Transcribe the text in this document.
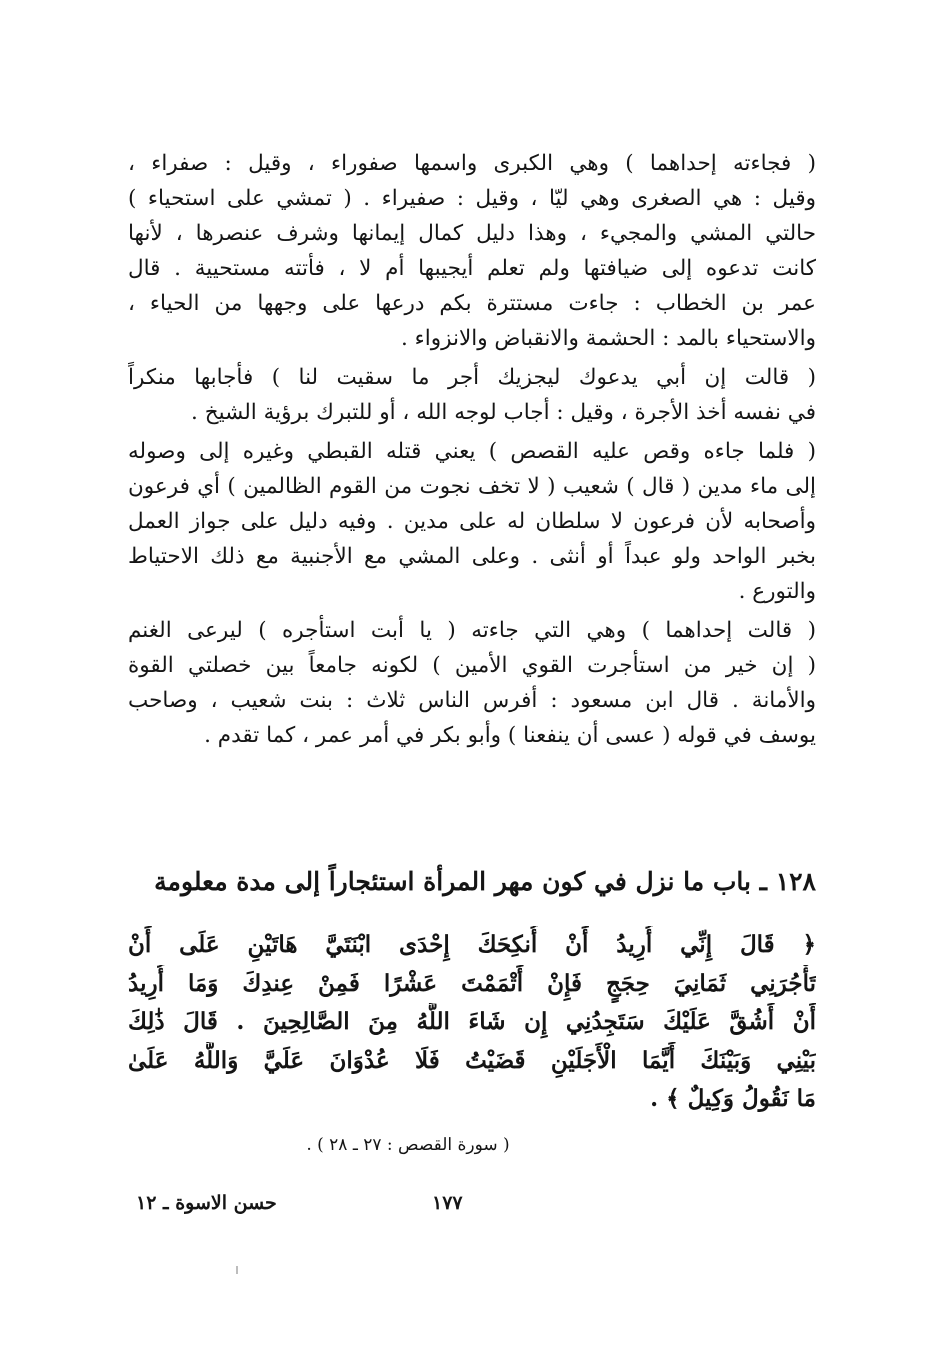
( فجاءته إحداهما ) وهي الكبرى واسمها صفوراء ، وقيل : صفراء ،
وقيل : هي الصغرى وهي ليّا ، وقيل : صفيراء . ( تمشي على استحياء )
حالتي المشي والمجيء ، وهذا دليل كمال إيمانها وشرف عنصرها ، لأنها
كانت تدعوه إلى ضيافتها ولم تعلم أيجيبها أم لا ، فأتته مستحيية . قال
عمر بن الخطاب : جاءت مستترة بكم درعها على وجهها من الحياء ،
والاستحياء بالمد : الحشمة والانقباض والانزواء .

( قالت إن أبي يدعوك ليجزيك أجر ما سقيت لنا ) فأجابها منكراً
في نفسه أخذ الأجرة ، وقيل : أجاب لوجه الله ، أو للتبرك برؤية الشيخ .

( فلما جاءه وقص عليه القصص ) يعني قتله القبطي وغيره إلى وصوله
إلى ماء مدين ( قال ) شعيب ( لا تخف نجوت من القوم الظالمين ) أي فرعون
وأصحابه لأن فرعون لا سلطان له على مدين . وفيه دليل على جواز العمل
بخبر الواحد ولو عبداً أو أنثى . وعلى المشي مع الأجنبية مع ذلك الاحتياط
والتورع .

( قالت إحداهما ) وهي التي جاءته ( يا أبت استأجره ) ليرعى الغنم
( إن خير من استأجرت القوي الأمين ) لكونه جامعاً بين خصلتي القوة
والأمانة . قال ابن مسعود : أفرس الناس ثلاث : بنت شعيب ، وصاحب
يوسف في قوله ( عسى أن ينفعنا ) وأبو بكر في أمر عمر ، كما تقدم .

١٢٨ ـ باب ما نزل في كون مهر المرأة استئجاراً إلى مدة معلومة
﴿ قَالَ إِنِّي أُرِيدُ أَنْ أُنكِحَكَ إِحْدَى ابْنَتَيَّ هَاتَيْنِ عَلَى أَنْ
تَأْجُرَنِي ثَمَانِيَ حِجَجٍ فَإِنْ أَتْمَمْتَ عَشْرًا فَمِنْ عِندِكَ وَمَا أُرِيدُ
أَنْ أَشُقَّ عَلَيْكَ سَتَجِدُنِي إِن شَاءَ اللَّهُ مِنَ الصَّالِحِينَ . قَالَ ذَٰلِكَ
بَيْنِي وَبَيْنَكَ أَيَّمَا الْأَجَلَيْنِ قَضَيْتُ فَلَا عُدْوَانَ عَلَيَّ وَاللَّهُ عَلَىٰ
مَا نَقُولُ وَكِيلٌ ﴾ .
( سورة القصص : ٢٧ ـ ٢٨ ) .
١٧٧
حسن الاسوة ـ ١٢
